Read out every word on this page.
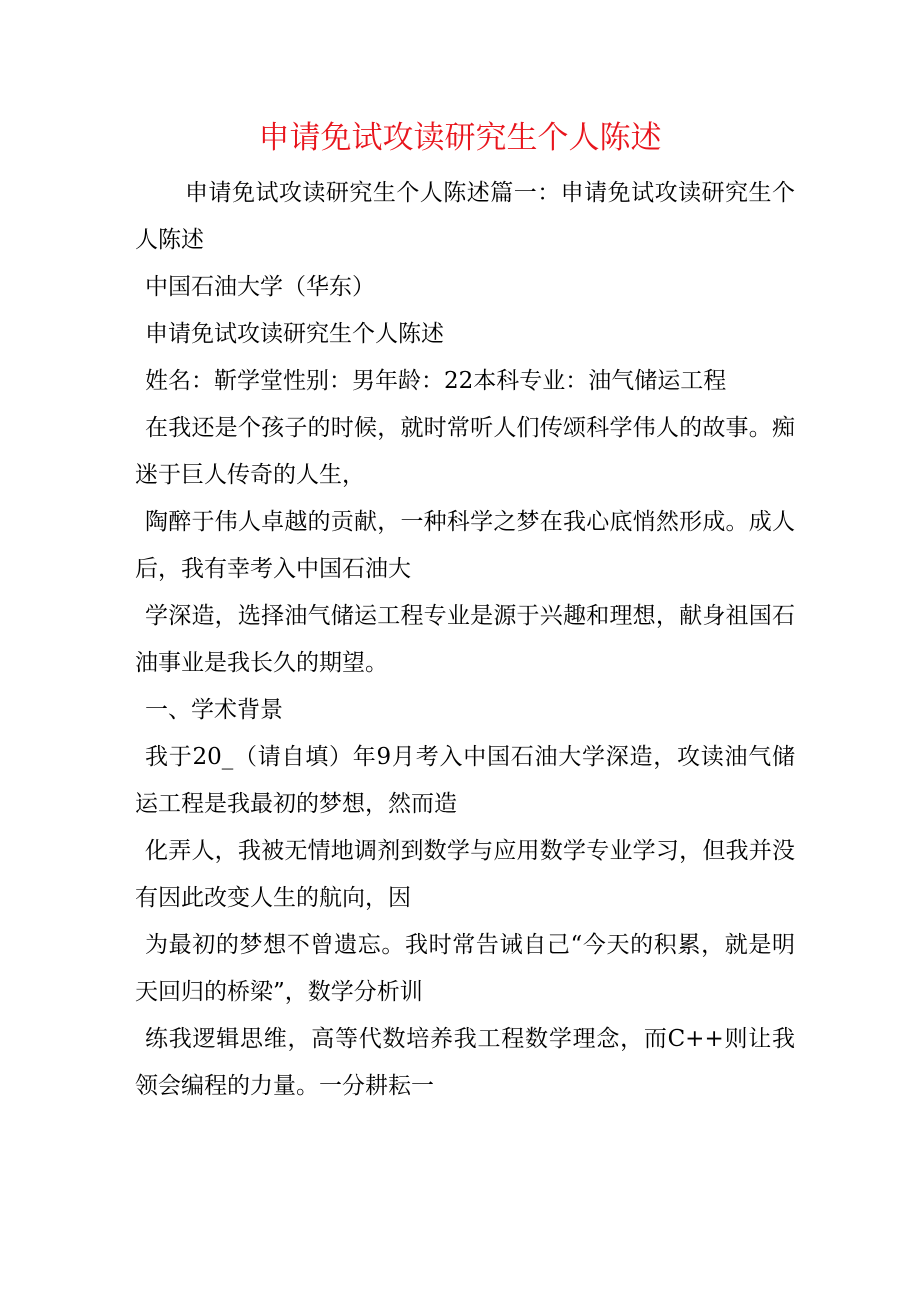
申请免试攻读研究生个人陈述

申请免试攻读研究生个人陈述篇一：申请免试攻读研究生个人陈述

中国石油大学（华东）

申请免试攻读研究生个人陈述

姓名：靳学堂性别：男年龄：22本科专业：油气储运工程

在我还是个孩子的时候，就时常听人们传颂科学伟人的故事。痴迷于巨人传奇的人生，

陶醉于伟人卓越的贡献，一种科学之梦在我心底悄然形成。成人后，我有幸考入中国石油大

学深造，选择油气储运工程专业是源于兴趣和理想，献身祖国石油事业是我长久的期望。

一、学术背景

我于20_（请自填）年9月考入中国石油大学深造，攻读油气储运工程是我最初的梦想，然而造

化弄人，我被无情地调剂到数学与应用数学专业学习，但我并没有因此改变人生的航向，因

为最初的梦想不曾遗忘。我时常告诫自己“今天的积累，就是明天回归的桥梁”，数学分析训

练我逻辑思维，高等代数培养我工程数学理念，而C++则让我领会编程的力量。一分耕耘一
